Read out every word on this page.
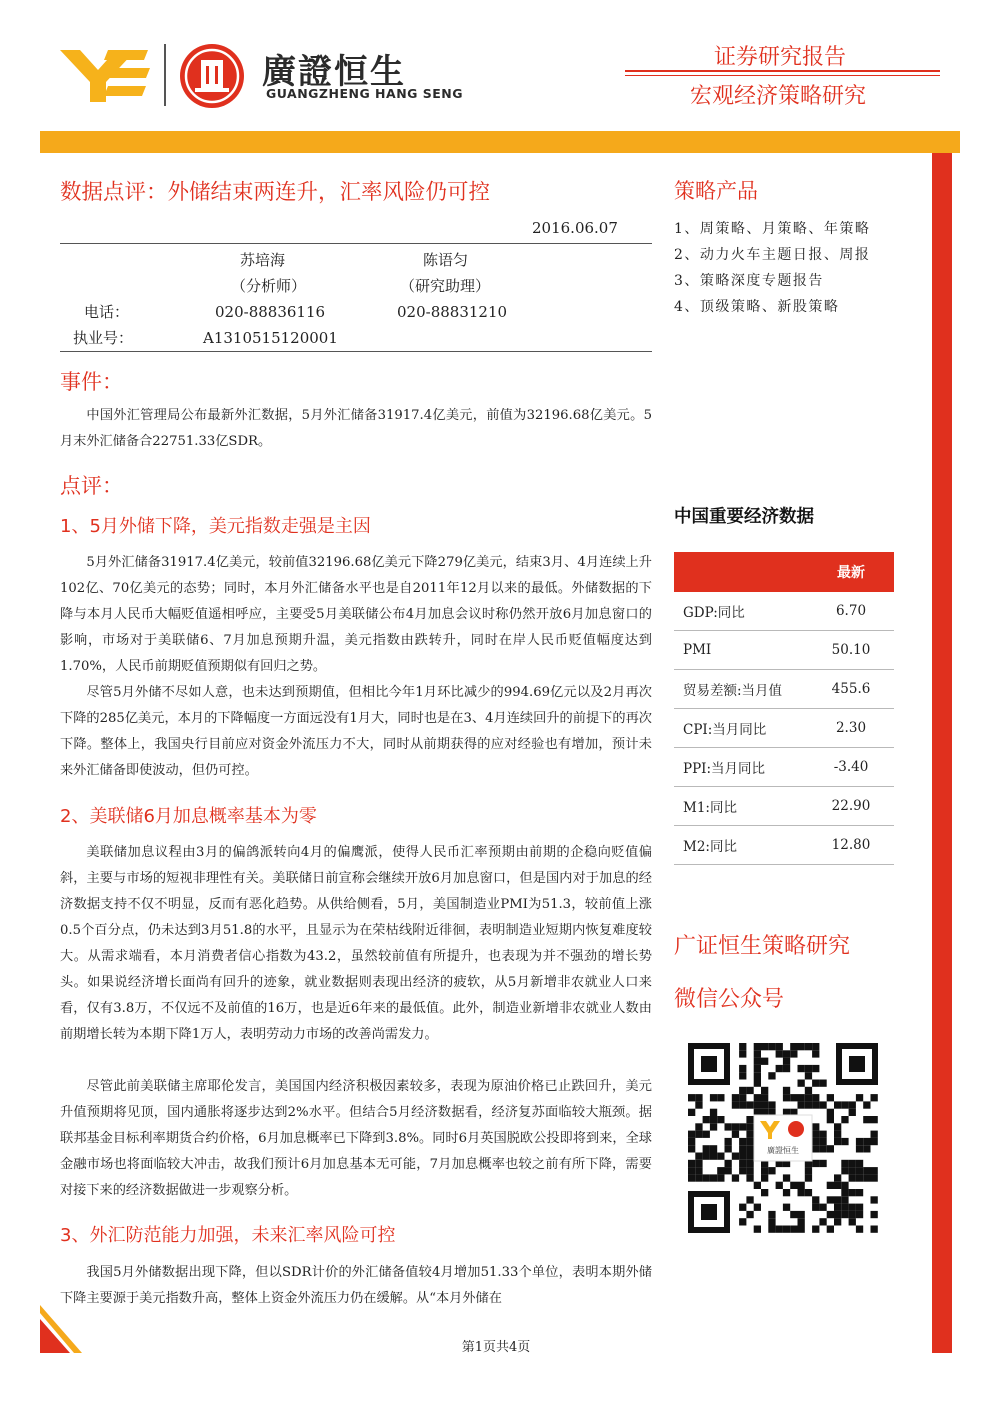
廣證恒生
GUANGZHENG HANG SENG
证券研究报告
宏观经济策略研究
数据点评：外储结束两连升，汇率风险仍可控
2016.06.07
苏培海	陈语匀
（分析师）	（研究助理）
电话：	020-88836116	020-88831210
执业号：	A1310515120001
事件：

中国外汇管理局公布最新外汇数据，5月外汇储备31917.4亿美元，前值为32196.68亿美元。5月末外汇储备合22751.33亿SDR。

点评：
1、5月外储下降，美元指数走强是主因

5月外汇储备31917.4亿美元，较前值32196.68亿美元下降279亿美元，结束3月、4月连续上升102亿、70亿美元的态势；同时，本月外汇储备水平也是自2011年12月以来的最低。外储数据的下降与本月人民币大幅贬值遥相呼应，主要受5月美联储公布4月加息会议时称仍然开放6月加息窗口的影响，市场对于美联储6、7月加息预期升温，美元指数由跌转升，同时在岸人民币贬值幅度达到1.70%，人民币前期贬值预期似有回归之势。

尽管5月外储不尽如人意，也未达到预期值，但相比今年1月环比减少的994.69亿元以及2月再次下降的285亿美元，本月的下降幅度一方面远没有1月大，同时也是在3、4月连续回升的前提下的再次下降。整体上，我国央行目前应对资金外流压力不大，同时从前期获得的应对经验也有增加，预计未来外汇储备即使波动，但仍可控。

2、美联储6月加息概率基本为零

美联储加息议程由3月的偏鸽派转向4月的偏鹰派，使得人民币汇率预期由前期的企稳向贬值偏斜，主要与市场的短视非理性有关。美联储日前宣称会继续开放6月加息窗口，但是国内对于加息的经济数据支持不仅不明显，反而有恶化趋势。从供给侧看，5月，美国制造业PMI为51.3，较前值上涨0.5个百分点，仍未达到3月51.8的水平，且显示为在荣枯线附近徘徊，表明制造业短期内恢复难度较大。从需求端看，本月消费者信心指数为43.2，虽然较前值有所提升，也表现为并不强劲的增长势头。如果说经济增长面尚有回升的迹象，就业数据则表现出经济的疲软，从5月新增非农就业人口来看，仅有3.8万，不仅远不及前值的16万，也是近6年来的最低值。此外，制造业新增非农就业人数由前期增长转为本期下降1万人，表明劳动力市场的改善尚需发力。

尽管此前美联储主席耶伦发言，美国国内经济积极因素较多，表现为原油价格已止跌回升，美元升值预期将见顶，国内通胀将逐步达到2%水平。但结合5月经济数据看，经济复苏面临较大瓶颈。据联邦基金目标利率期货合约价格，6月加息概率已下降到3.8%。同时6月英国脱欧公投即将到来，全球金融市场也将面临较大冲击，故我们预计6月加息基本无可能，7月加息概率也较之前有所下降，需要对接下来的经济数据做进一步观察分析。

3、外汇防范能力加强，未来汇率风险可控

我国5月外储数据出现下降，但以SDR计价的外汇储备值较4月增加51.33个单位，表明本期外储下降主要源于美元指数升高，整体上资金外流压力仍在缓解。从“本月外储在

策略产品
1、周策略、月策略、年策略
2、动力火车主题日报、周报
3、策略深度专题报告
4、顶级策略、新股策略
中国重要经济数据
	最新
GDP:同比	6.70
PMI	50.10
贸易差额:当月值	455.6
CPI:当月同比	2.30
PPI:当月同比	-3.40
M1:同比	22.90
M2:同比	12.80
广证恒生策略研究
微信公众号
廣證恒生
第1页共4页
